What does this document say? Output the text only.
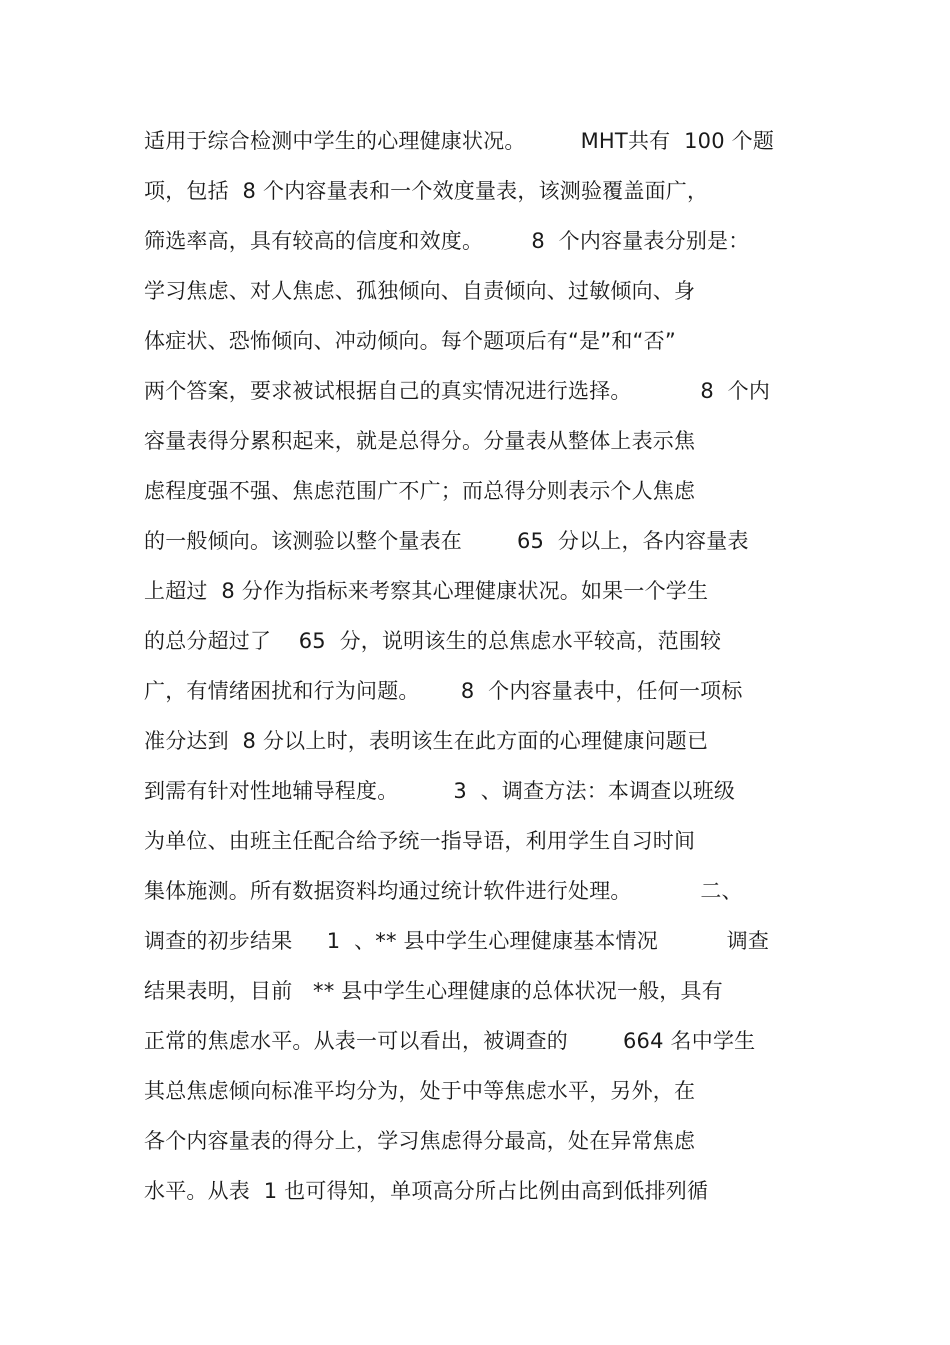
适用于综合检测中学生的心理健康状况。        MHT共有  100 个题
项，包括  8 个内容量表和一个效度量表，该测验覆盖面广，
筛选率高，具有较高的信度和效度。       8  个内容量表分别是：
学习焦虑、对人焦虑、孤独倾向、自责倾向、过敏倾向、身
体症状、恐怖倾向、冲动倾向。每个题项后有“是”和“否”
两个答案，要求被试根据自己的真实情况进行选择。          8  个内
容量表得分累积起来，就是总得分。分量表从整体上表示焦
虑程度强不强、焦虑范围广不广；而总得分则表示个人焦虑
的一般倾向。该测验以整个量表在        65  分以上，各内容量表
上超过  8 分作为指标来考察其心理健康状况。如果一个学生
的总分超过了    65  分，说明该生的总焦虑水平较高，范围较
广，有情绪困扰和行为问题。      8  个内容量表中，任何一项标
准分达到  8 分以上时，表明该生在此方面的心理健康问题已
到需有针对性地辅导程度。        3  、调查方法：本调查以班级
为单位、由班主任配合给予统一指导语，利用学生自习时间
集体施测。所有数据资料均通过统计软件进行处理。          二、
调查的初步结果     1  、** 县中学生心理健康基本情况          调查
结果表明，目前   ** 县中学生心理健康的总体状况一般，具有
正常的焦虑水平。从表一可以看出，被调查的        664 名中学生
其总焦虑倾向标准平均分为，处于中等焦虑水平，另外，在
各个内容量表的得分上，学习焦虑得分最高，处在异常焦虑
水平。从表  1 也可得知，单项高分所占比例由高到低排列循
